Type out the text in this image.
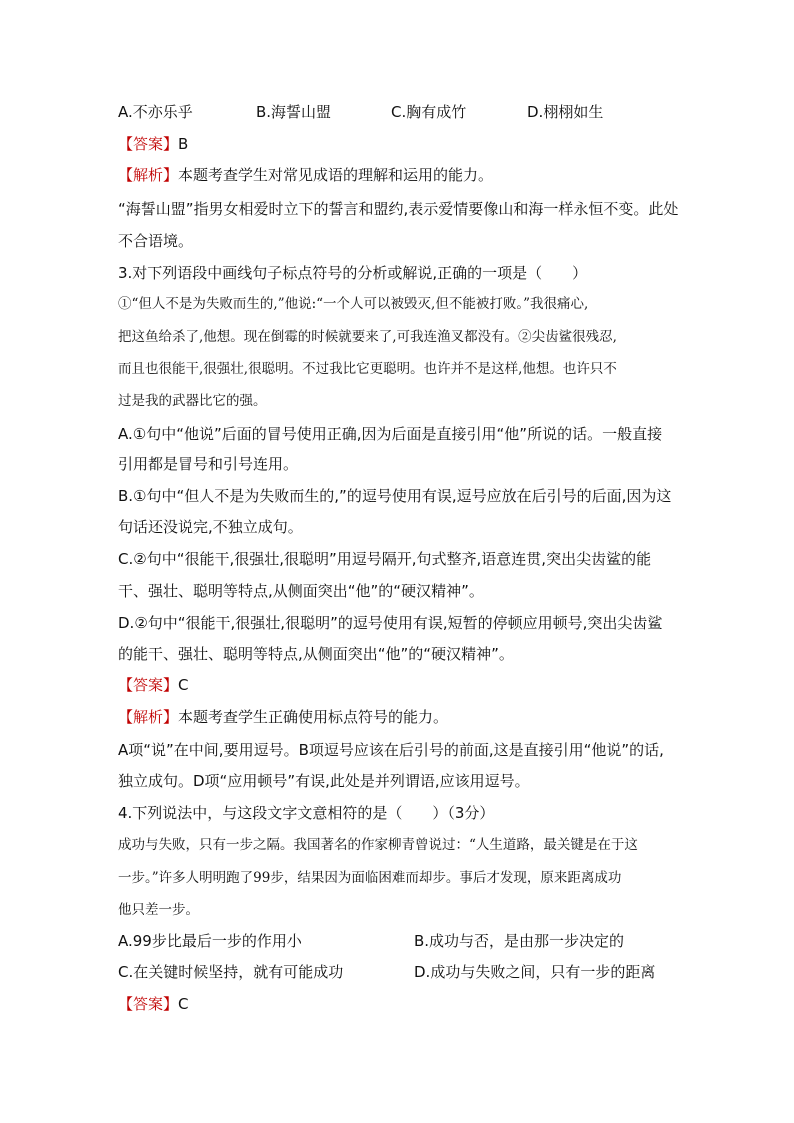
A.不亦乐乎	B.海誓山盟	C.胸有成竹	D.栩栩如生
【答案】B
【解析】本题考查学生对常见成语的理解和运用的能力。
“海誓山盟”指男女相爱时立下的誓言和盟约,表示爱情要像山和海一样永恒不变。此处
不合语境。
3.对下列语段中画线句子标点符号的分析或解说,正确的一项是（　　）
①“但人不是为失败而生的,”他说:“一个人可以被毁灭,但不能被打败。”我很痛心,
把这鱼给杀了,他想。现在倒霉的时候就要来了,可我连渔叉都没有。②尖齿鲨很残忍,
而且也很能干,很强壮,很聪明。不过我比它更聪明。也许并不是这样,他想。也许只不
过是我的武器比它的强。
A.①句中“他说”后面的冒号使用正确,因为后面是直接引用“他”所说的话。一般直接
引用都是冒号和引号连用。
B.①句中“但人不是为失败而生的,”的逗号使用有误,逗号应放在后引号的后面,因为这
句话还没说完,不独立成句。
C.②句中“很能干,很强壮,很聪明”用逗号隔开,句式整齐,语意连贯,突出尖齿鲨的能
干、强壮、聪明等特点,从侧面突出“他”的“硬汉精神”。
D.②句中“很能干,很强壮,很聪明”的逗号使用有误,短暂的停顿应用顿号,突出尖齿鲨
的能干、强壮、聪明等特点,从侧面突出“他”的“硬汉精神”。
【答案】C
【解析】本题考查学生正确使用标点符号的能力。
A项“说”在中间,要用逗号。B项逗号应该在后引号的前面,这是直接引用“他说”的话,
独立成句。D项“应用顿号”有误,此处是并列谓语,应该用逗号。
4.下列说法中，与这段文字文意相符的是（　　）（3分）
成功与失败，只有一步之隔。我国著名的作家柳青曾说过：“人生道路，最关键是在于这
一步。”许多人明明跑了99步，结果因为面临困难而却步。事后才发现，原来距离成功
他只差一步。
A.99步比最后一步的作用小	B.成功与否，是由那一步决定的
C.在关键时候坚持，就有可能成功	D.成功与失败之间，只有一步的距离
【答案】C
